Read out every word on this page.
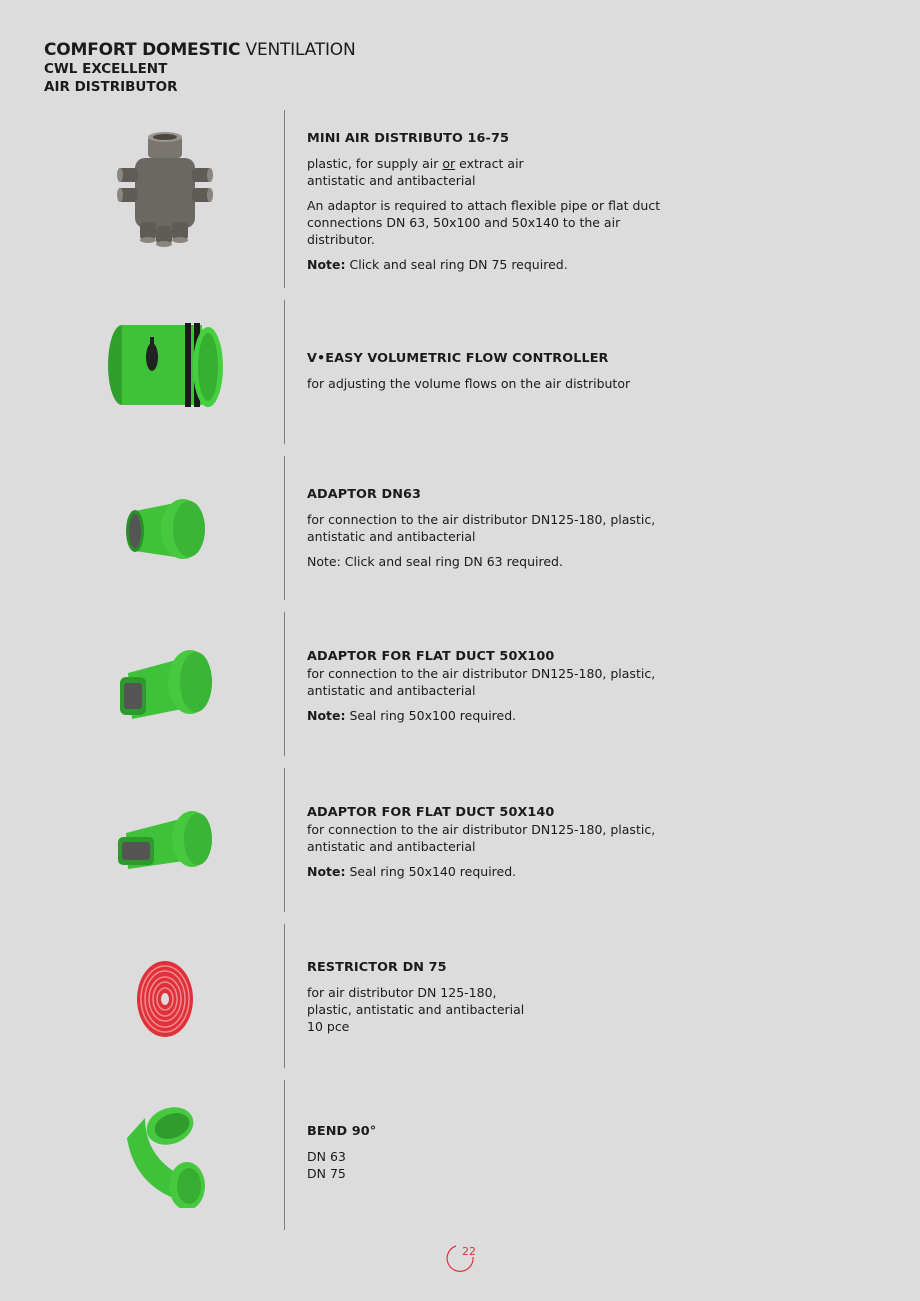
COMFORT DOMESTIC VENTILATION
CWL EXCELLENT
AIR DISTRIBUTOR
MINI AIR DISTRIBUTO 16-75

plastic, for supply air or extract air
antistatic and antibacterial

An adaptor is required to attach flexible pipe or flat duct connections DN 63, 50x100 and 50x140 to the air distributor.

Note: Click and seal ring DN 75 required.

V•EASY VOLUMETRIC FLOW CONTROLLER

for adjusting the volume flows on the air distributor

ADAPTOR DN63

for connection to the air distributor DN125-180, plastic, antistatic and antibacterial

Note: Click and seal ring DN 63 required.

ADAPTOR FOR FLAT DUCT 50X100

for connection to the air distributor DN125-180, plastic, antistatic and antibacterial

Note: Seal ring 50x100 required.

ADAPTOR FOR FLAT DUCT 50X140

for connection to the air distributor DN125-180, plastic, antistatic and antibacterial

Note: Seal ring 50x140 required.

RESTRICTOR DN 75

for air distributor DN 125-180,
plastic, antistatic and antibacterial
10 pce

BEND 90°

DN 63
DN 75

22
